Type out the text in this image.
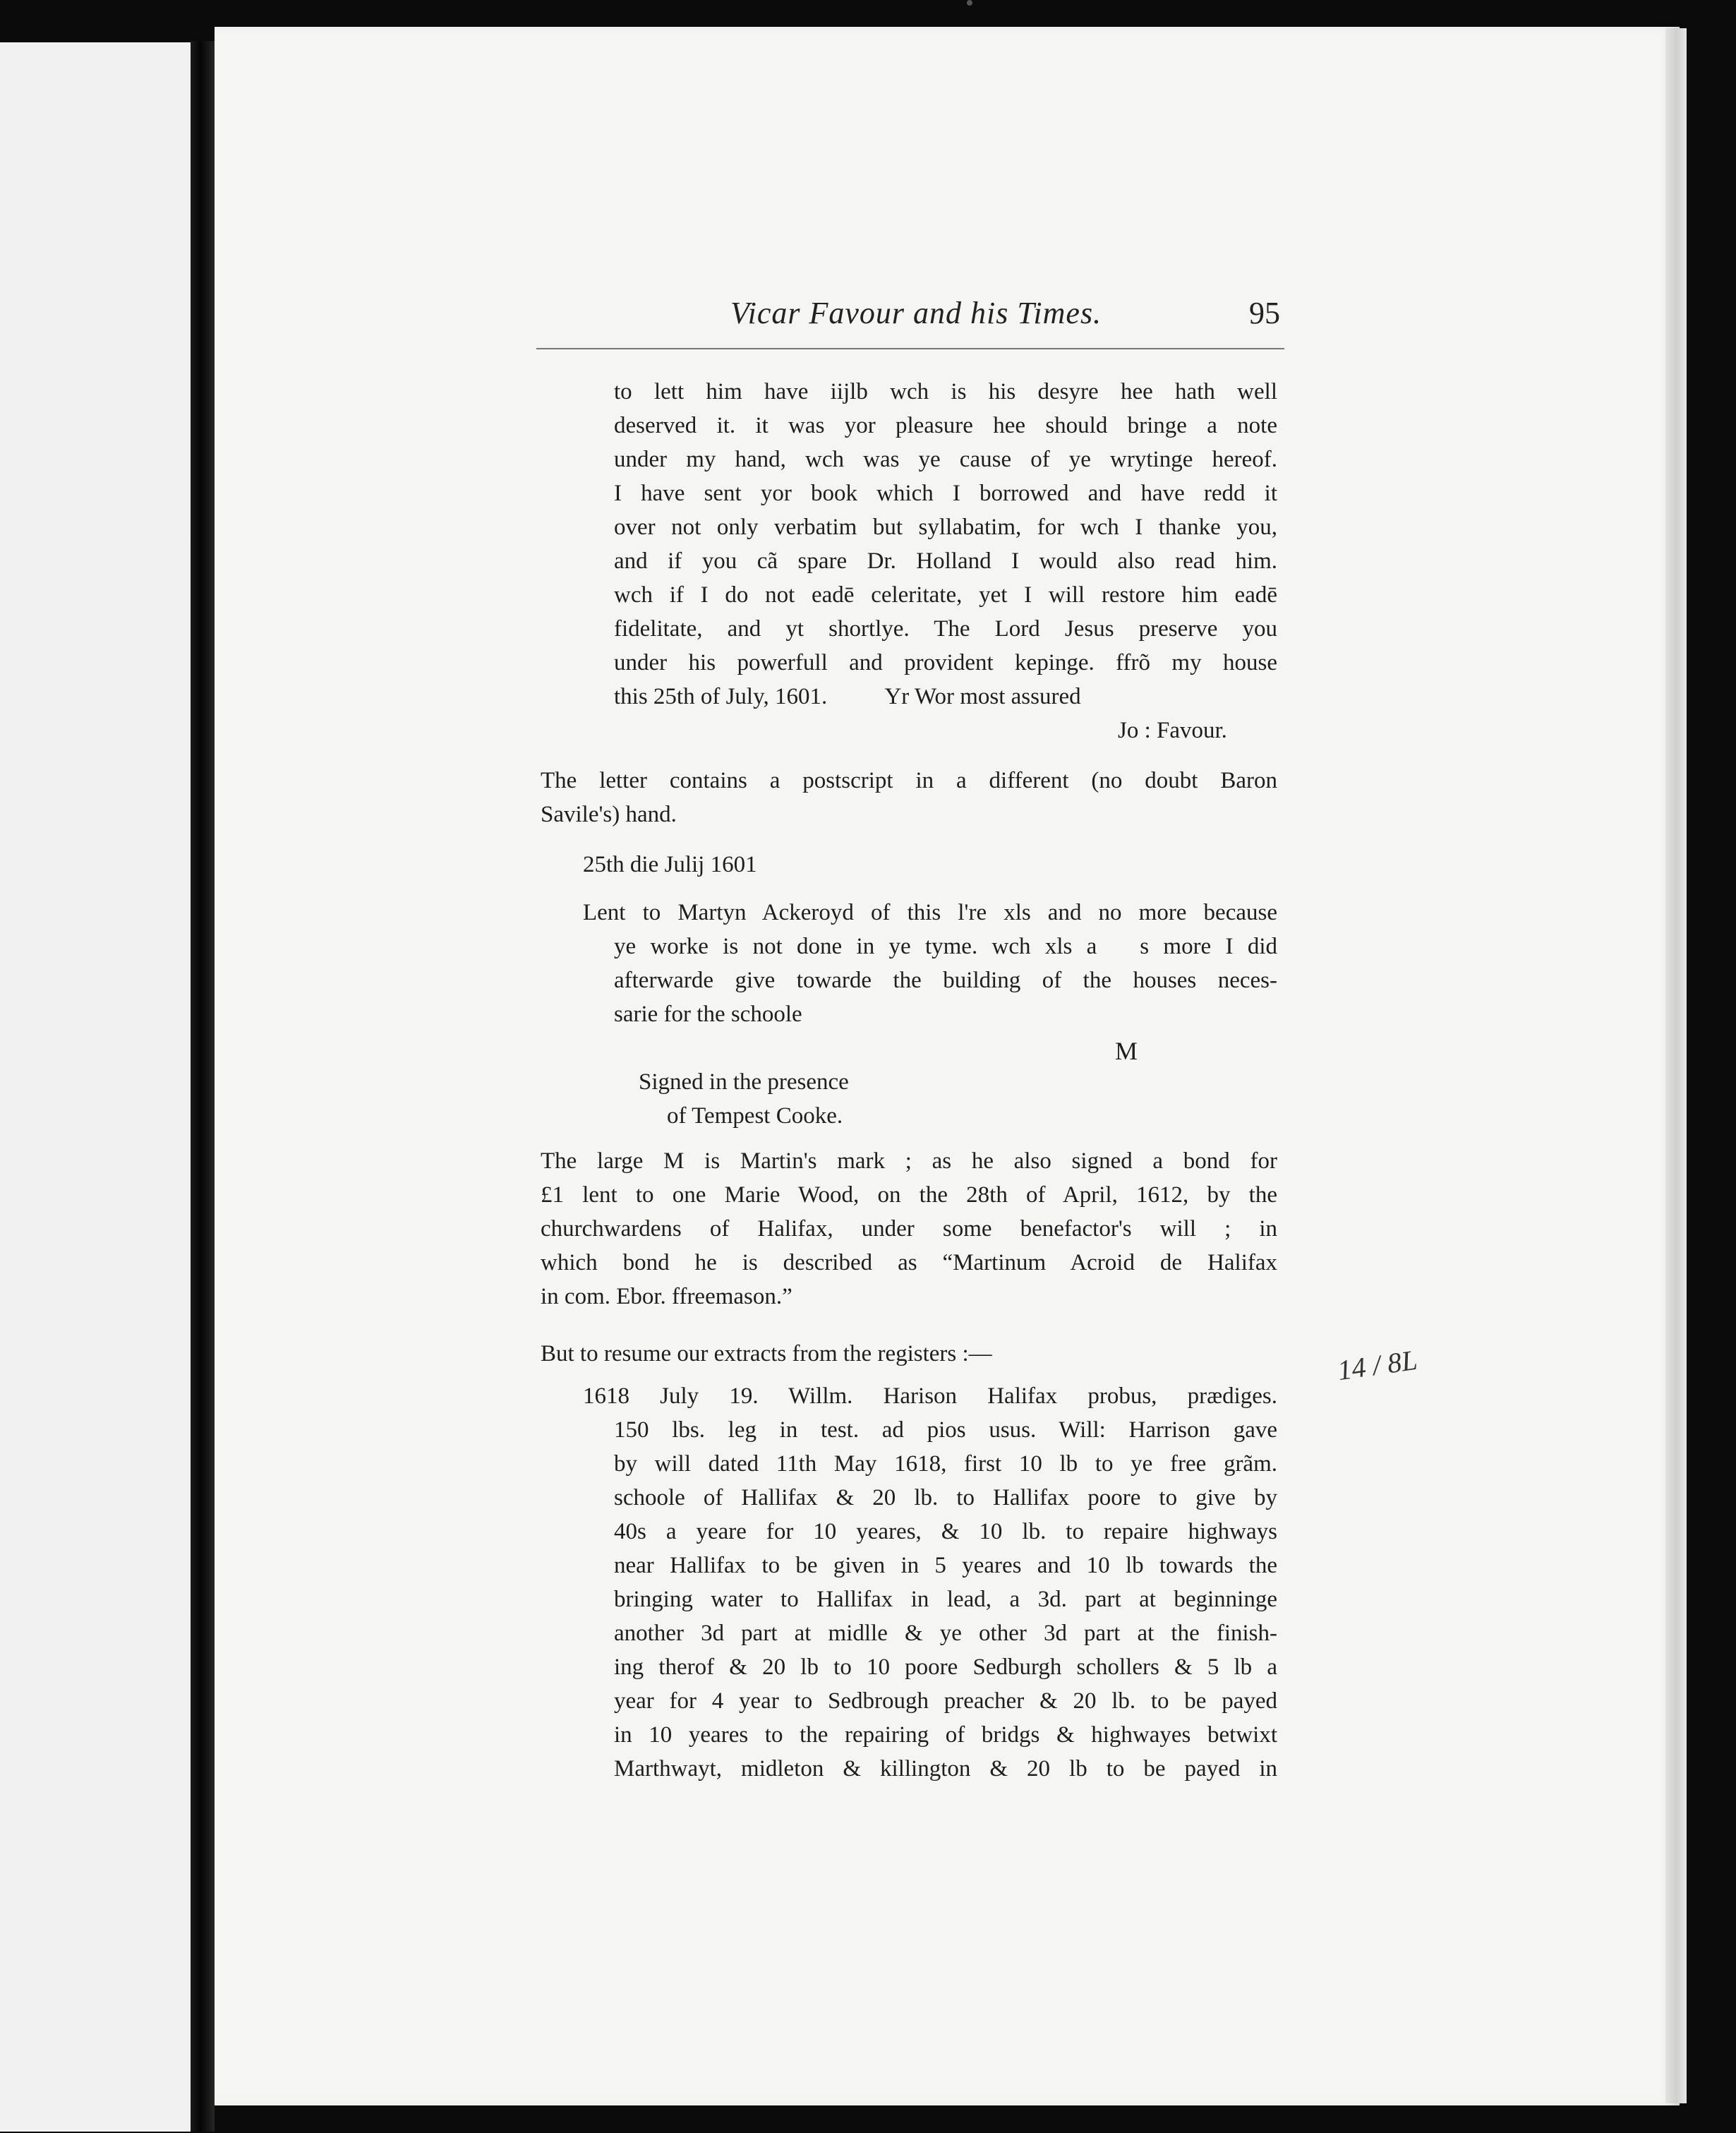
Vicar Favour and his Times.	95
to lett him have iijlb wch is his desyre hee hath well
deserved it. it was yor pleasure hee should bringe a note
under my hand, wch was ye cause of ye wrytinge hereof.
I have sent yor book which I borrowed and have redd it
over not only verbatim but syllabatim, for wch I thanke you,
and if you cã spare Dr. Holland I would also read him.
wch if I do not eadē celeritate, yet I will restore him eadē
fidelitate, and yt shortlye. The Lord Jesus preserve you
under his powerfull and provident kepinge. ffrõ my house
this 25th of July, 1601.          Yr Wor most assured
Jo : Favour.
The letter contains a postscript in a different (no doubt Baron
Savile's) hand.
25th die Julij 1601
Lent to Martyn Ackeroyd of this l're xls and no more because
ye worke is not done in ye tyme. wch xls a   s more I did
afterwarde give towarde the building of the houses neces-
sarie for the schoole
M
Signed in the presence
of Tempest Cooke.
The large M is Martin's mark ; as he also signed a bond for
£1 lent to one Marie Wood, on the 28th of April, 1612, by the
churchwardens of Halifax, under some benefactor's will ; in
which bond he is described as “Martinum Acroid de Halifax
in com. Ebor. ffreemason.”
But to resume our extracts from the registers :—
1618 July 19. Willm. Harison Halifax probus, prædiges.
150 lbs. leg in test. ad pios usus. Will: Harrison gave
by will dated 11th May 1618, first 10 lb to ye free grãm.
schoole of Hallifax & 20 lb. to Hallifax poore to give by
40s a yeare for 10 yeares, & 10 lb. to repaire highways
near Hallifax to be given in 5 yeares and 10 lb towards the
bringing water to Hallifax in lead, a 3d. part at beginninge
another 3d part at midlle & ye other 3d part at the finish-
ing therof & 20 lb to 10 poore Sedburgh schollers & 5 lb a
year for 4 year to Sedbrough preacher & 20 lb. to be payed
in 10 yeares to the repairing of bridgs & highwayes betwixt
Marthwayt, midleton & killington & 20 lb to be payed in
14 / 8L
